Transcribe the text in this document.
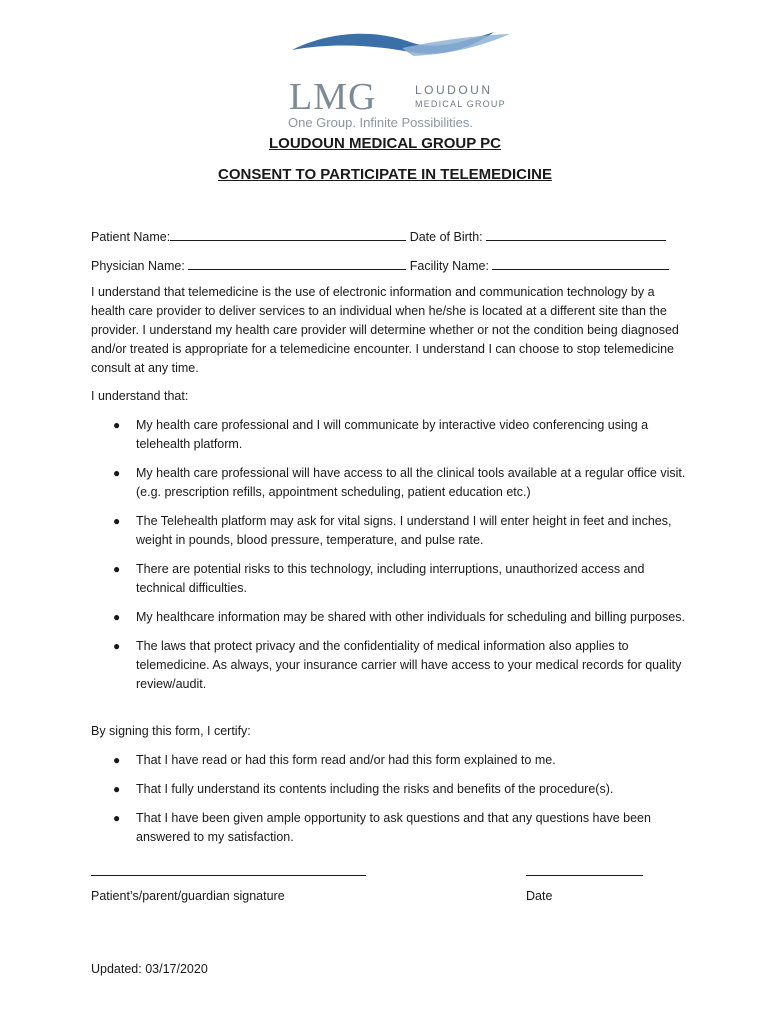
LMG	LOUDOUN
MEDICAL GROUP
One Group. Infinite Possibilities.
LOUDOUN MEDICAL GROUP PC
CONSENT TO PARTICIPATE IN TELEMEDICINE
Patient Name:	Date of Birth:
Physician Name:	Facility Name:
I understand that telemedicine is the use of electronic information and communication technology by a health care provider to deliver services to an individual when he/she is located at a different site than the provider. I understand my health care provider will determine whether or not the condition being diagnosed and/or treated is appropriate for a telemedicine encounter. I understand I can choose to stop telemedicine consult at any time.
I understand that:
● My health care professional and I will communicate by interactive video conferencing using a telehealth platform.
● My health care professional will have access to all the clinical tools available at a regular office visit. (e.g. prescription refills, appointment scheduling, patient education etc.)
● The Telehealth platform may ask for vital signs. I understand I will enter height in feet and inches, weight in pounds, blood pressure, temperature, and pulse rate.
● There are potential risks to this technology, including interruptions, unauthorized access and technical difficulties.
● My healthcare information may be shared with other individuals for scheduling and billing purposes.
● The laws that protect privacy and the confidentiality of medical information also applies to telemedicine. As always, your insurance carrier will have access to your medical records for quality review/audit.
By signing this form, I certify:
● That I have read or had this form read and/or had this form explained to me.
● That I fully understand its contents including the risks and benefits of the procedure(s).
● That I have been given ample opportunity to ask questions and that any questions have been answered to my satisfaction.
Patient’s/parent/guardian signature	Date
Updated: 03/17/2020
